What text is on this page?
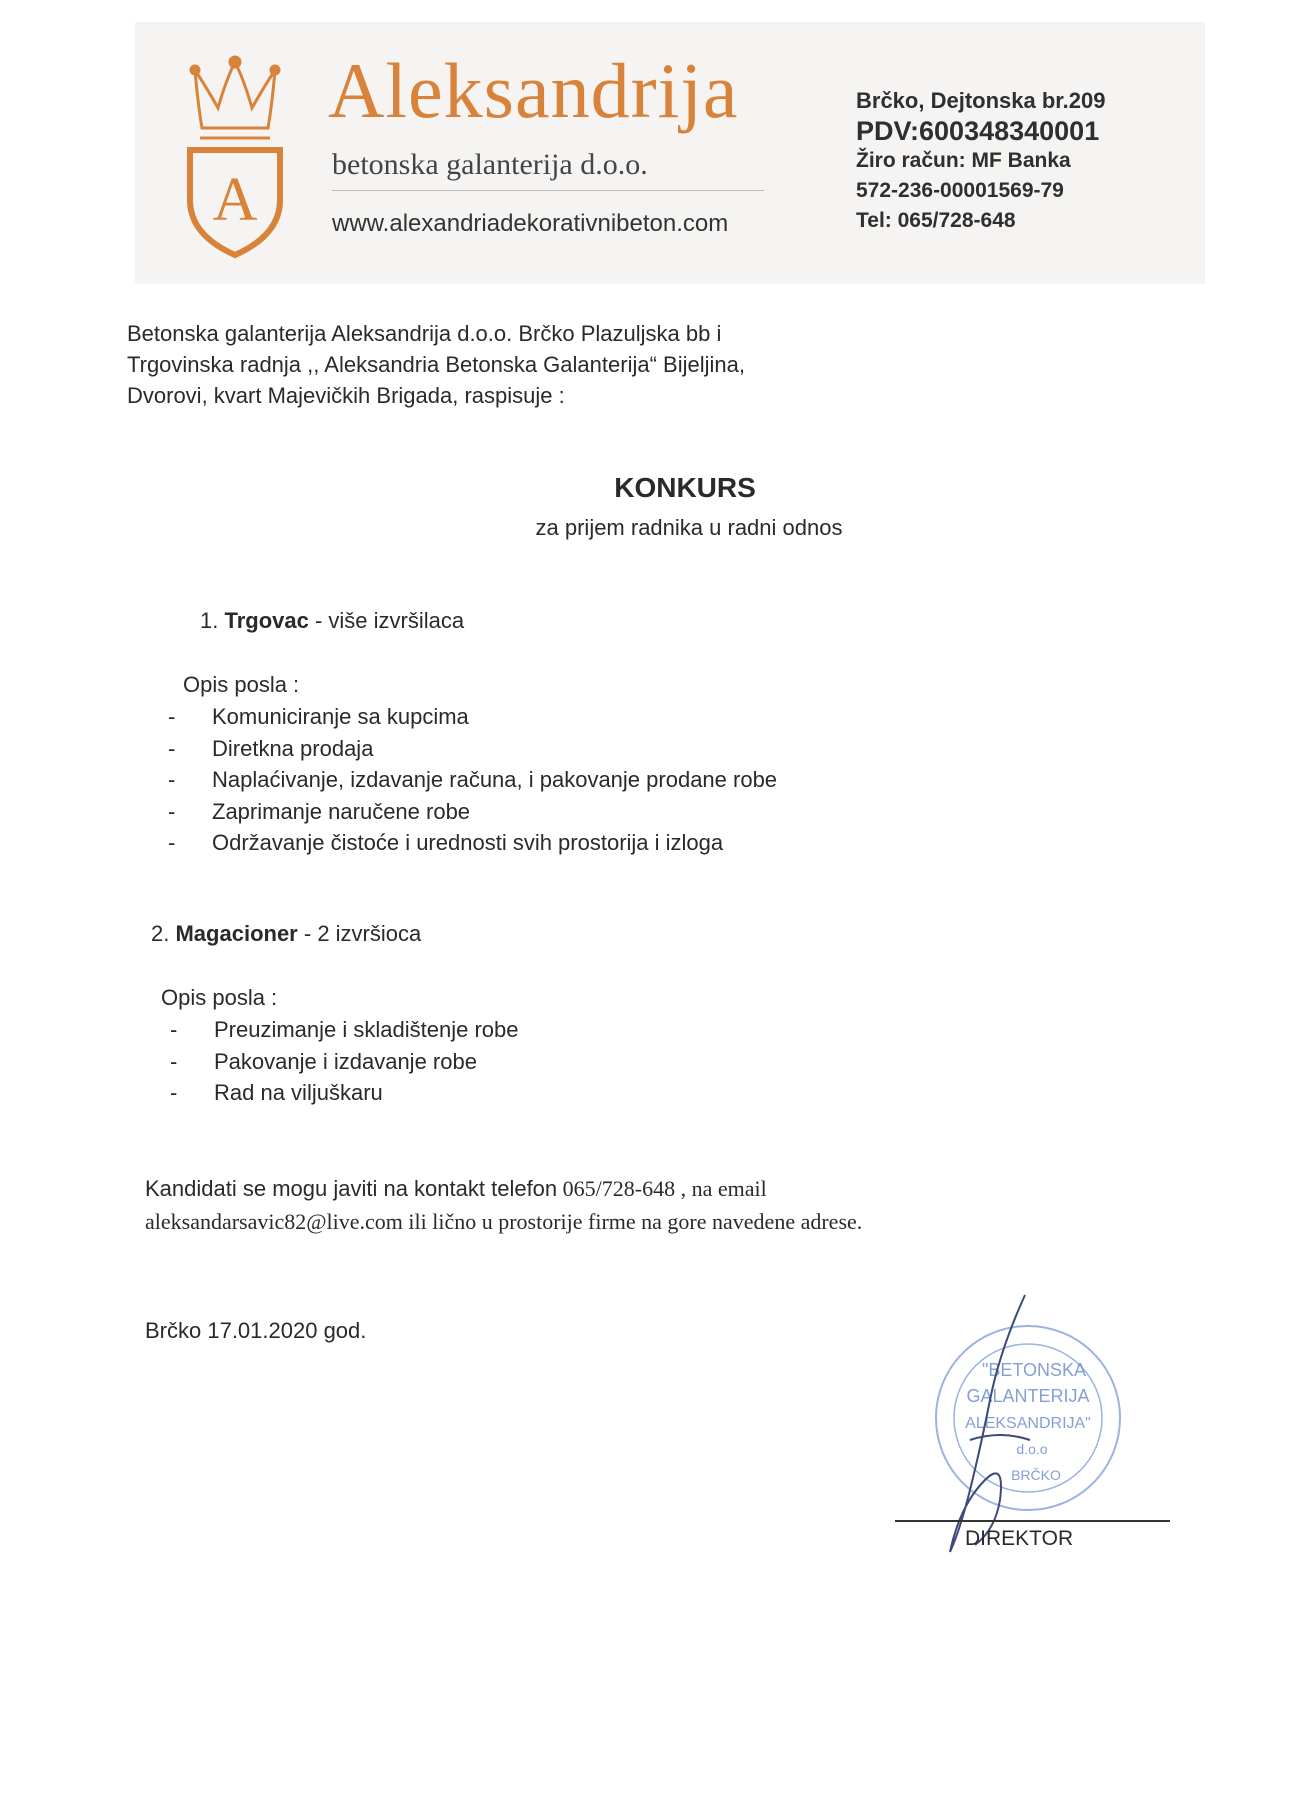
A
Aleksandrija
betonska galanterija d.o.o.
www.alexandriadekorativnibeton.com
Brčko, Dejtonska br.209
PDV:600348340001
Žiro račun: MF Banka
572-236-00001569-79
Tel: 065/728-648
Betonska galanterija Aleksandrija d.o.o. Brčko Plazuljska bb i
Trgovinska radnja ,, Aleksandria Betonska Galanterija“ Bijeljina,
Dvorovi, kvart Majevičkih Brigada, raspisuje :
KONKURS
za prijem radnika u radni odnos
1. Trgovac - više izvršilaca
Opis posla :
- Komuniciranje sa kupcima
- Diretkna prodaja
- Naplaćivanje, izdavanje računa, i pakovanje prodane robe
- Zaprimanje naručene robe
- Održavanje čistoće i urednosti svih prostorija i izloga
2. Magacioner - 2 izvršioca
Opis posla :
- Preuzimanje i skladištenje robe
- Pakovanje i izdavanje robe
- Rad na viljuškaru
Kandidati se mogu javiti na kontakt telefon 065/728-648 , na email
aleksandarsavic82@live.com ili lično u prostorije firme na gore navedene adrese.
Brčko 17.01.2020 god.
"BETONSKA
GALANTERIJA
ALEKSANDRIJA"
d.o.o
BRČKO
DIREKTOR
